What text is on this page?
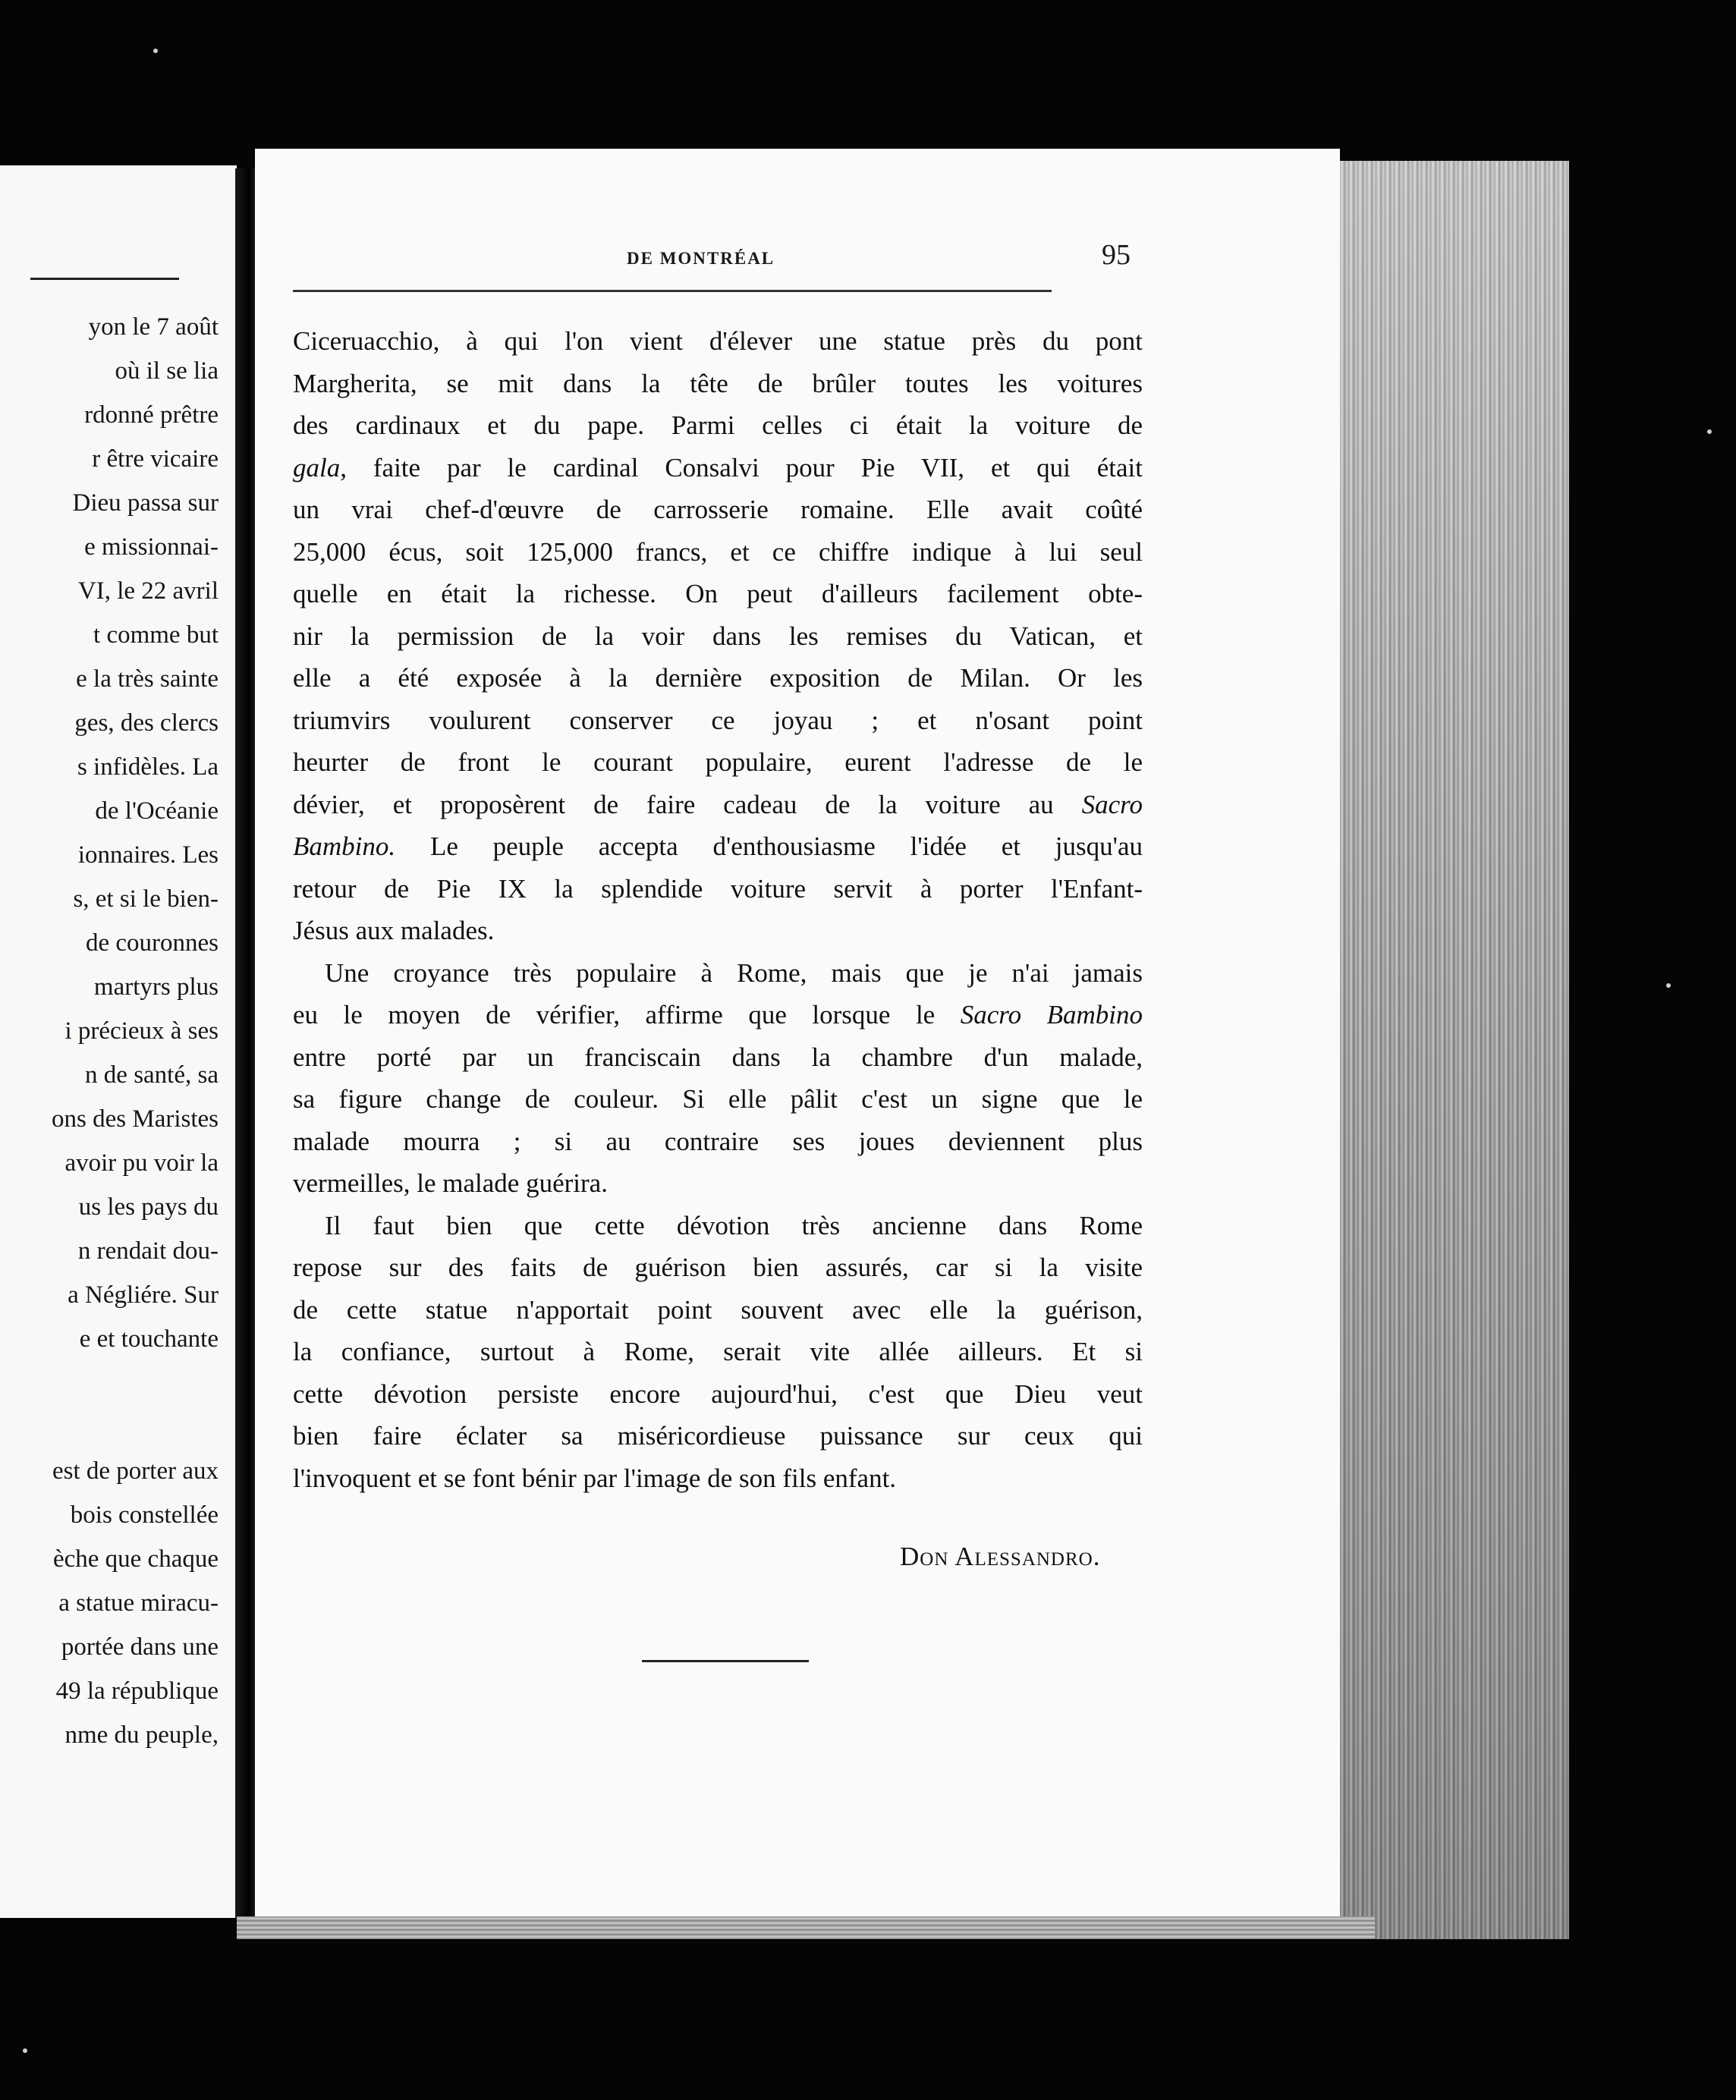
yon le 7 août
où il se lia
rdonné prêtre
r être vicaire
Dieu passa sur
e missionnai-
VI, le 22 avril
t comme but
e la très sainte
ges, des clercs
s infidèles. La
de l'Océanie
ionnaires. Les
s, et si le bien-
de couronnes
martyrs plus
i précieux à ses
n de santé, sa
ons des Maristes
avoir pu voir la
us les pays du
n rendait dou-
a Négliére. Sur
e et touchante
est de porter aux
bois constellée
èche que chaque
a statue miracu-
portée dans une
49 la république
nme du peuple,
DE MONTRÉAL	95
Ciceruacchio, à qui l'on vient d'élever une statue près du pont
Margherita, se mit dans la tête de brûler toutes les voitures
des cardinaux et du pape. Parmi celles ci était la voiture de
gala, faite par le cardinal Consalvi pour Pie VII, et qui était
un vrai chef-d'œuvre de carrosserie romaine. Elle avait coûté
25,000 écus, soit 125,000 francs, et ce chiffre indique à lui seul
quelle en était la richesse. On peut d'ailleurs facilement obte-
nir la permission de la voir dans les remises du Vatican, et
elle a été exposée à la dernière exposition de Milan. Or les
triumvirs voulurent conserver ce joyau ; et n'osant point
heurter de front le courant populaire, eurent l'adresse de le
dévier, et proposèrent de faire cadeau de la voiture au Sacro
Bambino. Le peuple accepta d'enthousiasme l'idée et jusqu'au
retour de Pie IX la splendide voiture servit à porter l'Enfant-
Jésus aux malades.
Une croyance très populaire à Rome, mais que je n'ai jamais
eu le moyen de vérifier, affirme que lorsque le Sacro Bambino
entre porté par un franciscain dans la chambre d'un malade,
sa figure change de couleur. Si elle pâlit c'est un signe que le
malade mourra ; si au contraire ses joues deviennent plus
vermeilles, le malade guérira.
Il faut bien que cette dévotion très ancienne dans Rome
repose sur des faits de guérison bien assurés, car si la visite
de cette statue n'apportait point souvent avec elle la guérison,
la confiance, surtout à Rome, serait vite allée ailleurs. Et si
cette dévotion persiste encore aujourd'hui, c'est que Dieu veut
bien faire éclater sa miséricordieuse puissance sur ceux qui
l'invoquent et se font bénir par l'image de son fils enfant.
Don Alessandro.
